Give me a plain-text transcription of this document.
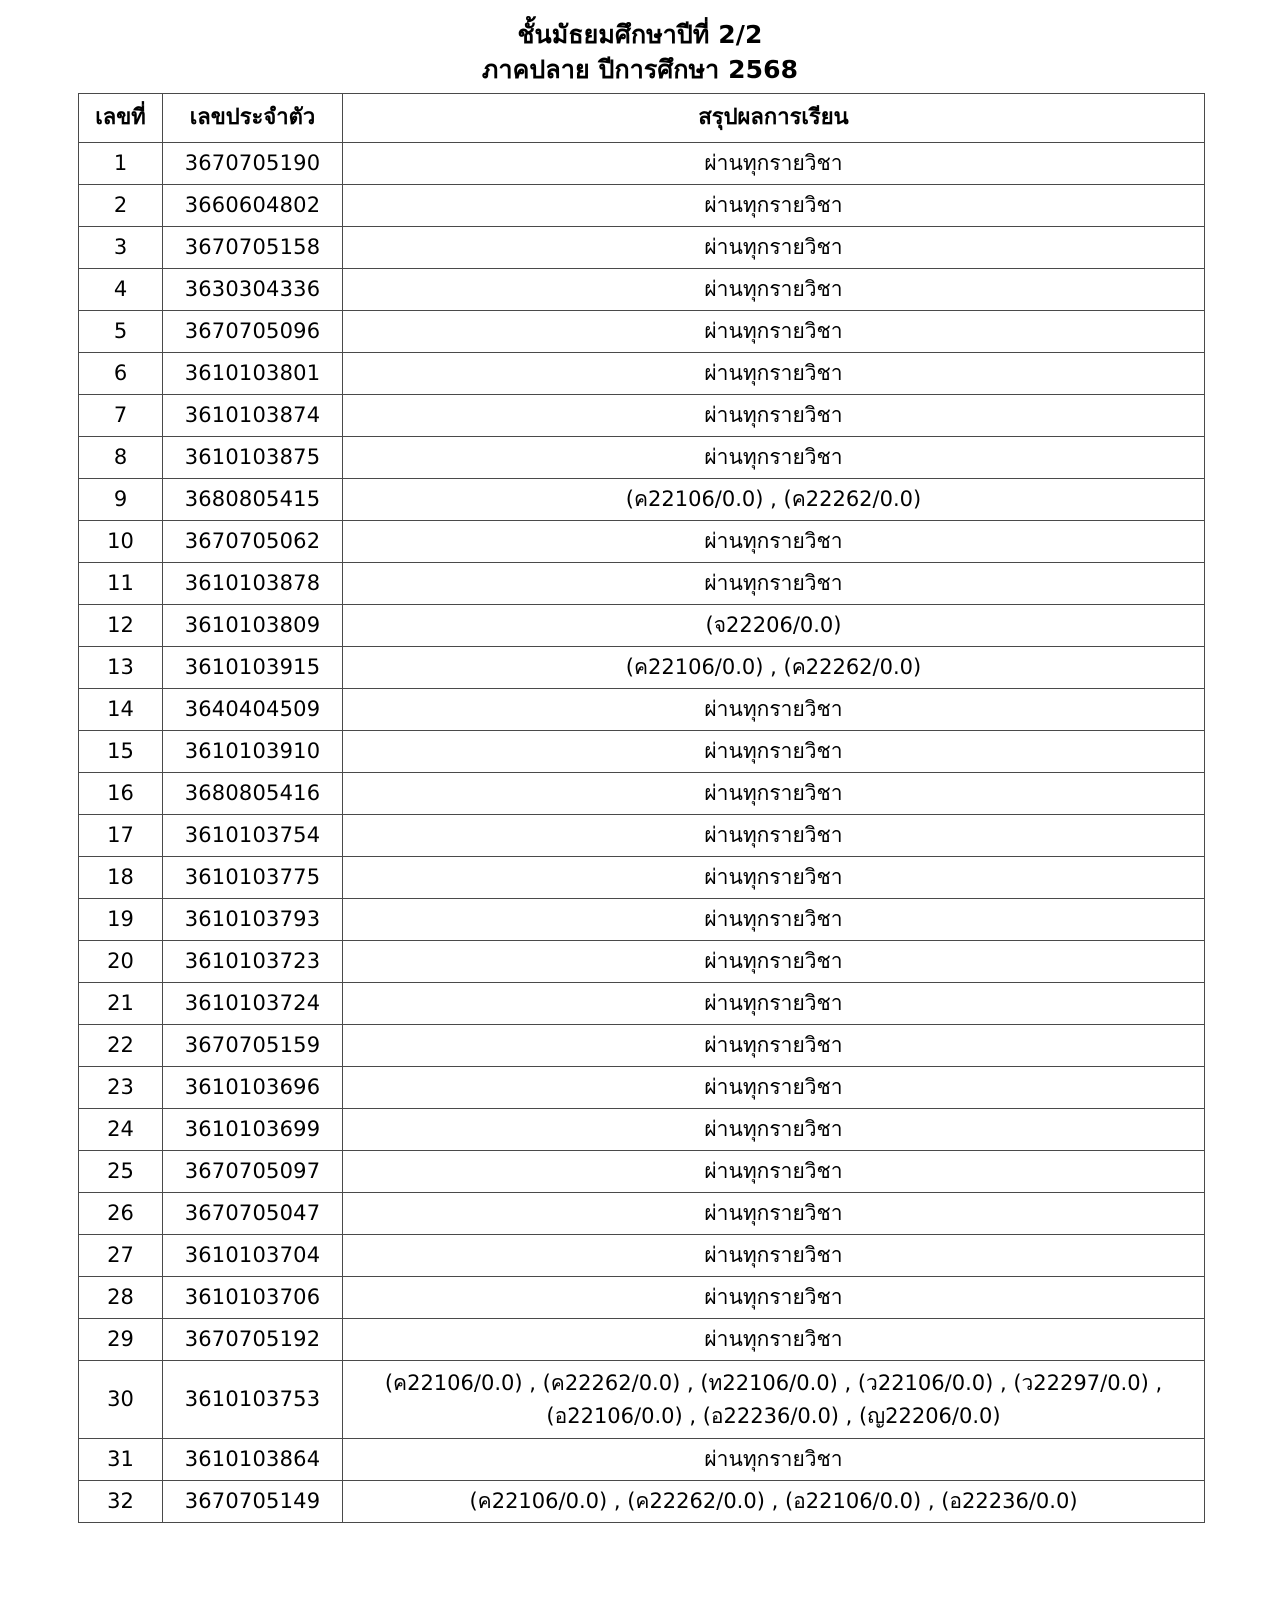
ชั้นมัธยมศึกษาปีที่ 2/2
ภาคปลาย ปีการศึกษา 2568
เลขที่	เลขประจำตัว	สรุปผลการเรียน
1	3670705190	ผ่านทุกรายวิชา
2	3660604802	ผ่านทุกรายวิชา
3	3670705158	ผ่านทุกรายวิชา
4	3630304336	ผ่านทุกรายวิชา
5	3670705096	ผ่านทุกรายวิชา
6	3610103801	ผ่านทุกรายวิชา
7	3610103874	ผ่านทุกรายวิชา
8	3610103875	ผ่านทุกรายวิชา
9	3680805415	(ค22106/0.0) , (ค22262/0.0)
10	3670705062	ผ่านทุกรายวิชา
11	3610103878	ผ่านทุกรายวิชา
12	3610103809	(จ22206/0.0)
13	3610103915	(ค22106/0.0) , (ค22262/0.0)
14	3640404509	ผ่านทุกรายวิชา
15	3610103910	ผ่านทุกรายวิชา
16	3680805416	ผ่านทุกรายวิชา
17	3610103754	ผ่านทุกรายวิชา
18	3610103775	ผ่านทุกรายวิชา
19	3610103793	ผ่านทุกรายวิชา
20	3610103723	ผ่านทุกรายวิชา
21	3610103724	ผ่านทุกรายวิชา
22	3670705159	ผ่านทุกรายวิชา
23	3610103696	ผ่านทุกรายวิชา
24	3610103699	ผ่านทุกรายวิชา
25	3670705097	ผ่านทุกรายวิชา
26	3670705047	ผ่านทุกรายวิชา
27	3610103704	ผ่านทุกรายวิชา
28	3610103706	ผ่านทุกรายวิชา
29	3670705192	ผ่านทุกรายวิชา
30	3610103753	(ค22106/0.0) , (ค22262/0.0) , (ท22106/0.0) , (ว22106/0.0) , (ว22297/0.0) ,
(อ22106/0.0) , (อ22236/0.0) , (ญ22206/0.0)

31	3610103864	ผ่านทุกรายวิชา
32	3670705149	(ค22106/0.0) , (ค22262/0.0) , (อ22106/0.0) , (อ22236/0.0)
